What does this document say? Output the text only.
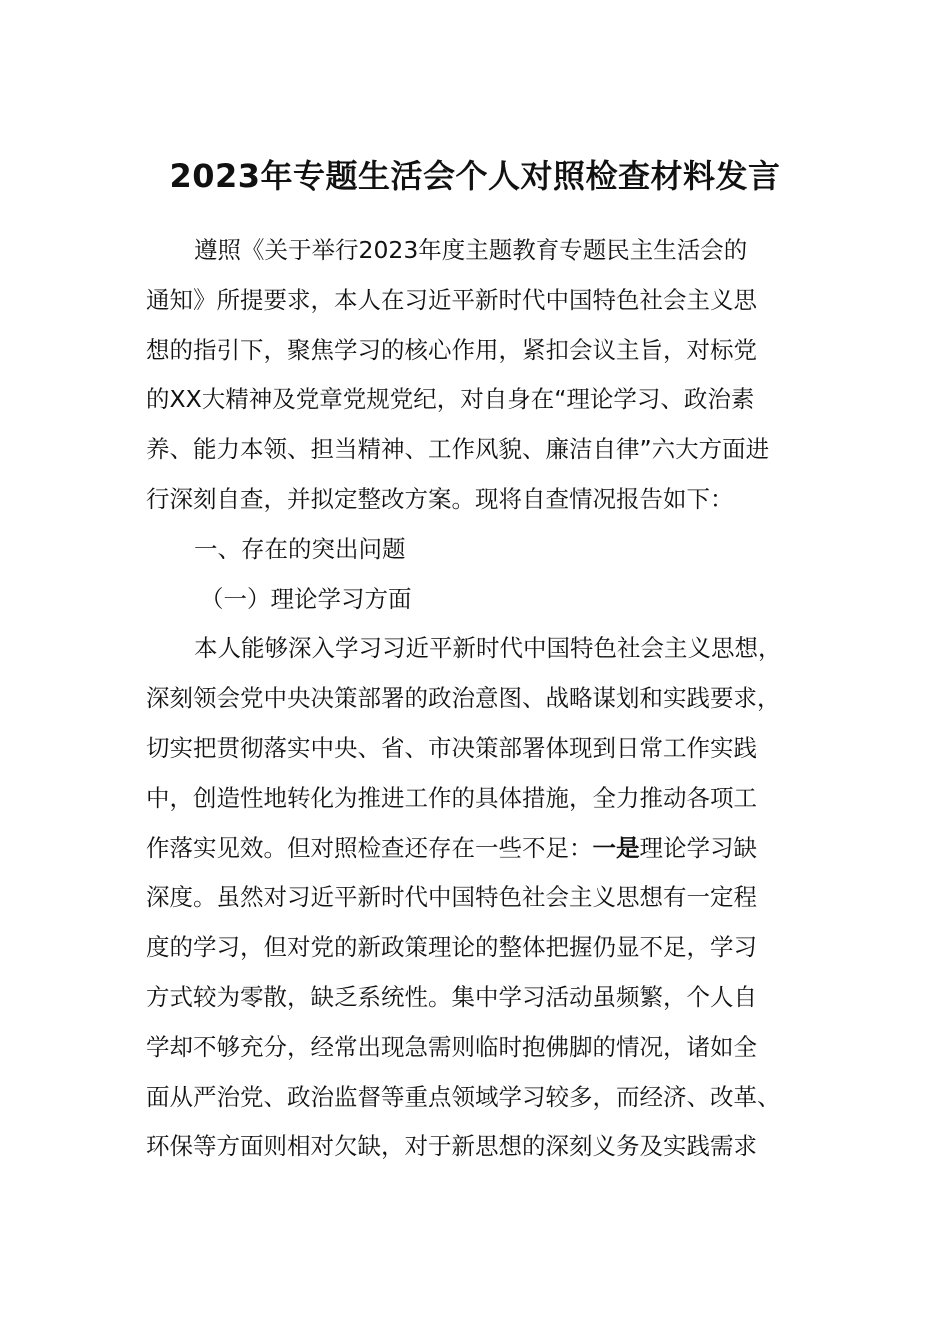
2023年专题生活会个人对照检查材料发言
遵照《关于举行2023年度主题教育专题民主生活会的
通知》所提要求，本人在习近平新时代中国特色社会主义思
想的指引下，聚焦学习的核心作用，紧扣会议主旨，对标党
的XX大精神及党章党规党纪，对自身在“理论学习、政治素
养、能力本领、担当精神、工作风貌、廉洁自律”六大方面进
行深刻自查，并拟定整改方案。现将自查情况报告如下：
一、存在的突出问题
（一）理论学习方面
本人能够深入学习习近平新时代中国特色社会主义思想，
深刻领会党中央决策部署的政治意图、战略谋划和实践要求，
切实把贯彻落实中央、省、市决策部署体现到日常工作实践
中，创造性地转化为推进工作的具体措施，全力推动各项工
作落实见效。但对照检查还存在一些不足：一是理论学习缺
深度。虽然对习近平新时代中国特色社会主义思想有一定程
度的学习，但对党的新政策理论的整体把握仍显不足，学习
方式较为零散，缺乏系统性。集中学习活动虽频繁，个人自
学却不够充分，经常出现急需则临时抱佛脚的情况，诸如全
面从严治党、政治监督等重点领域学习较多，而经济、改革、
环保等方面则相对欠缺，对于新思想的深刻义务及实践需求
